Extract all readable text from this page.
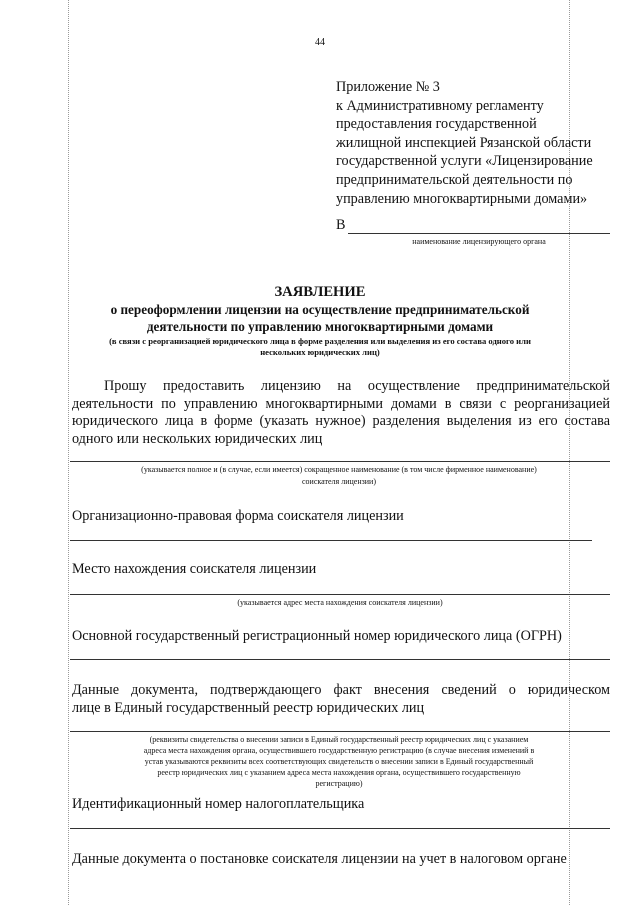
44
Приложение № 3
к Административному регламенту
предоставления государственной
жилищной инспекцией Рязанской области
государственной услуги «Лицензирование
предпринимательской деятельности по
управлению многоквартирными домами»
В
наименование лицензирующего органа
ЗАЯВЛЕНИЕ
о переоформлении лицензии на осуществление предпринимательской
деятельности по управлению многоквартирными домами
(в связи с реорганизацией юридического лица в форме разделения или выделения из его состава одного или
нескольких юридических лиц)
Прошу предоставить лицензию на осуществление предпринимательской
деятельности по управлению многоквартирными домами в связи с реорганизацией
юридического лица в форме (указать нужное) разделения выделения из его состава
одного или нескольких юридических лиц
(указывается полное и (в случае, если имеется) сокращенное наименование (в том числе фирменное наименование)
соискателя лицензии)
Организационно-правовая форма соискателя лицензии
Место нахождения соискателя лицензии
(указывается адрес места нахождения соискателя лицензии)
Основной государственный регистрационный номер юридического лица (ОГРН)
Данные документа, подтверждающего факт внесения сведений о юридическом
лице в Единый государственный реестр юридических лиц
(реквизиты свидетельства о внесении записи в Единый государственный реестр юридических лиц с указанием
адреса места нахождения органа, осуществившего государственную регистрацию (в случае внесения изменений в
устав указываются реквизиты всех соответствующих свидетельств о внесении записи в Единый государственный
реестр юридических лиц с указанием адреса места нахождения органа, осуществившего государственную
регистрацию)
Идентификационный номер налогоплательщика
Данные документа о постановке соискателя лицензии на учет в налоговом органе
